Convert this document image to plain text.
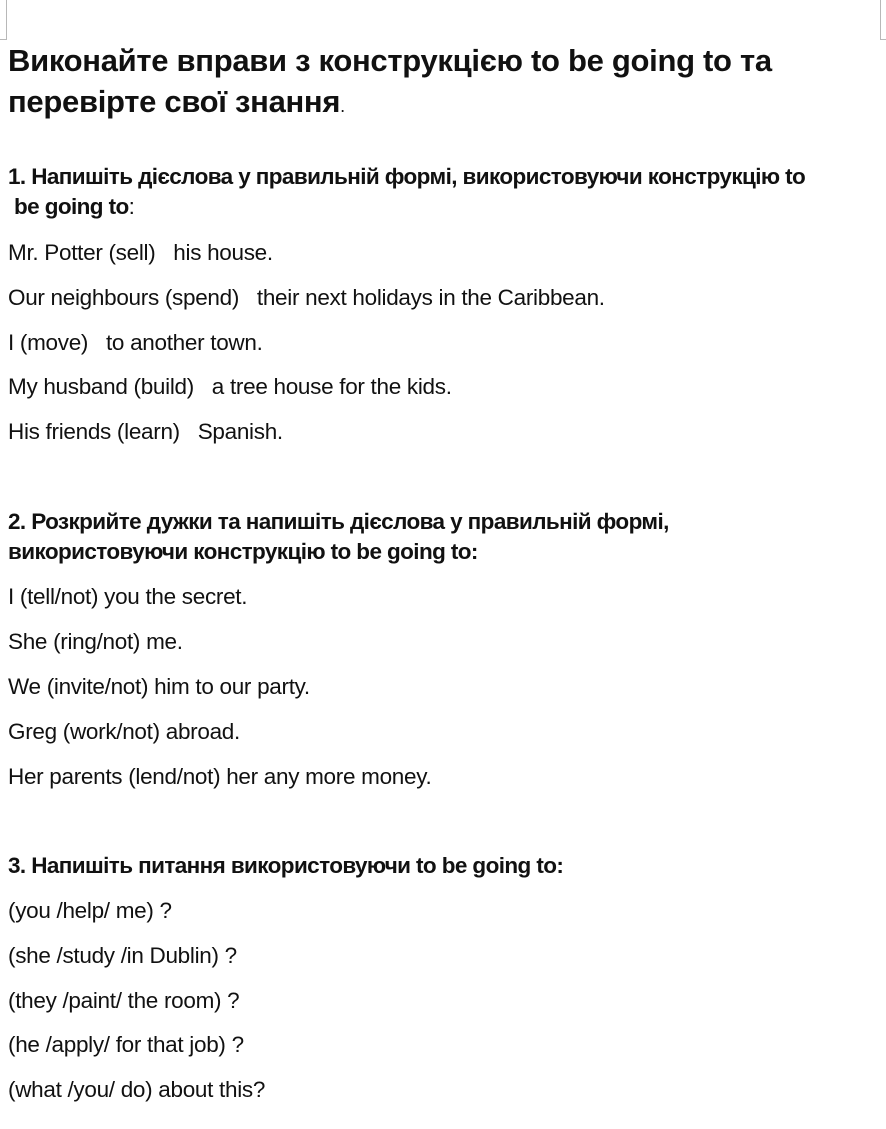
Виконайте вправи з конструкцією to be going to та перевірте свої знання.
1. Напишіть дієслова у правильній формі, використовуючи конструкцію to
be going to:
Mr. Potter (sell)   his house.
Our neighbours (spend)   their next holidays in the Caribbean.
I (move)   to another town.
My husband (build)   a tree house for the kids.
His friends (learn)   Spanish.
2. Розкрийте дужки та напишіть дієслова у правильній формі,
використовуючи конструкцію to be going to:
I (tell/not) you the secret.
She (ring/not) me.
We (invite/not) him to our party.
Greg (work/not) abroad.
Her parents (lend/not) her any more money.
3. Напишіть питання використовуючи to be going to:
(you /help/ me) ?
(she /study /in Dublin) ?
(they /paint/ the room) ?
(he /apply/ for that job) ?
(what /you/ do) about this?
